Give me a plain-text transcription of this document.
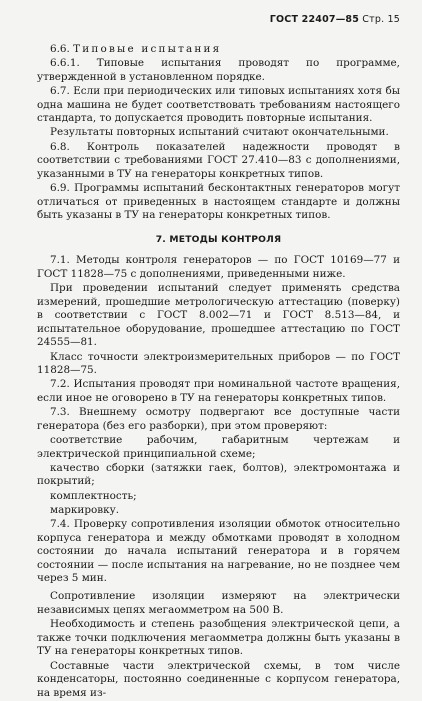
ГОСТ 22407—85 Стр. 15

6.6. Типовые испытания

6.6.1. Типовые испытания проводят по программе, утвержденной в установленном порядке.

6.7. Если при периодических или типовых испытаниях хотя бы одна машина не будет соответствовать требованиям настоящего стандарта, то допускается проводить повторные испытания.

Результаты повторных испытаний считают окончательными.

6.8. Контроль показателей надежности проводят в соответствии с требованиями ГОСТ 27.410—83 с дополнениями, указанными в ТУ на генераторы конкретных типов.

6.9. Программы испытаний бесконтактных генераторов могут отличаться от приведенных в настоящем стандарте и должны быть указаны в ТУ на генераторы конкретных типов.

7. МЕТОДЫ КОНТРОЛЯ

7.1. Методы контроля генераторов — по ГОСТ 10169—77 и ГОСТ 11828—75 с дополнениями, приведенными ниже.

При проведении испытаний следует применять средства измерений, прошедшие метрологическую аттестацию (поверку) в соответствии с ГОСТ 8.002—71 и ГОСТ 8.513—84, и испытательное оборудование, прошедшее аттестацию по ГОСТ 24555—81.

Класс точности электроизмерительных приборов — по ГОСТ 11828—75.

7.2. Испытания проводят при номинальной частоте вращения, если иное не оговорено в ТУ на генераторы конкретных типов.

7.3. Внешнему осмотру подвергают все доступные части генератора (без его разборки), при этом проверяют:

соответствие рабочим, габаритным чертежам и электрической принципиальной схеме;

качество сборки (затяжки гаек, болтов), электромонтажа и покрытий;

комплектность;

маркировку.

7.4. Проверку сопротивления изоляции обмоток относительно корпуса генератора и между обмотками проводят в холодном состоянии до начала испытаний генератора и в горячем состоянии — после испытания на нагревание, но не позднее чем через 5 мин.

Сопротивление изоляции измеряют на электрически независимых цепях мегаомметром на 500 В.

Необходимость и степень разобщения электрической цепи, а также точки подключения мегаомметра должны быть указаны в ТУ на генераторы конкретных типов.

Составные части электрической схемы, в том числе конденсаторы, постоянно соединенные с корпусом генератора, на время из-
